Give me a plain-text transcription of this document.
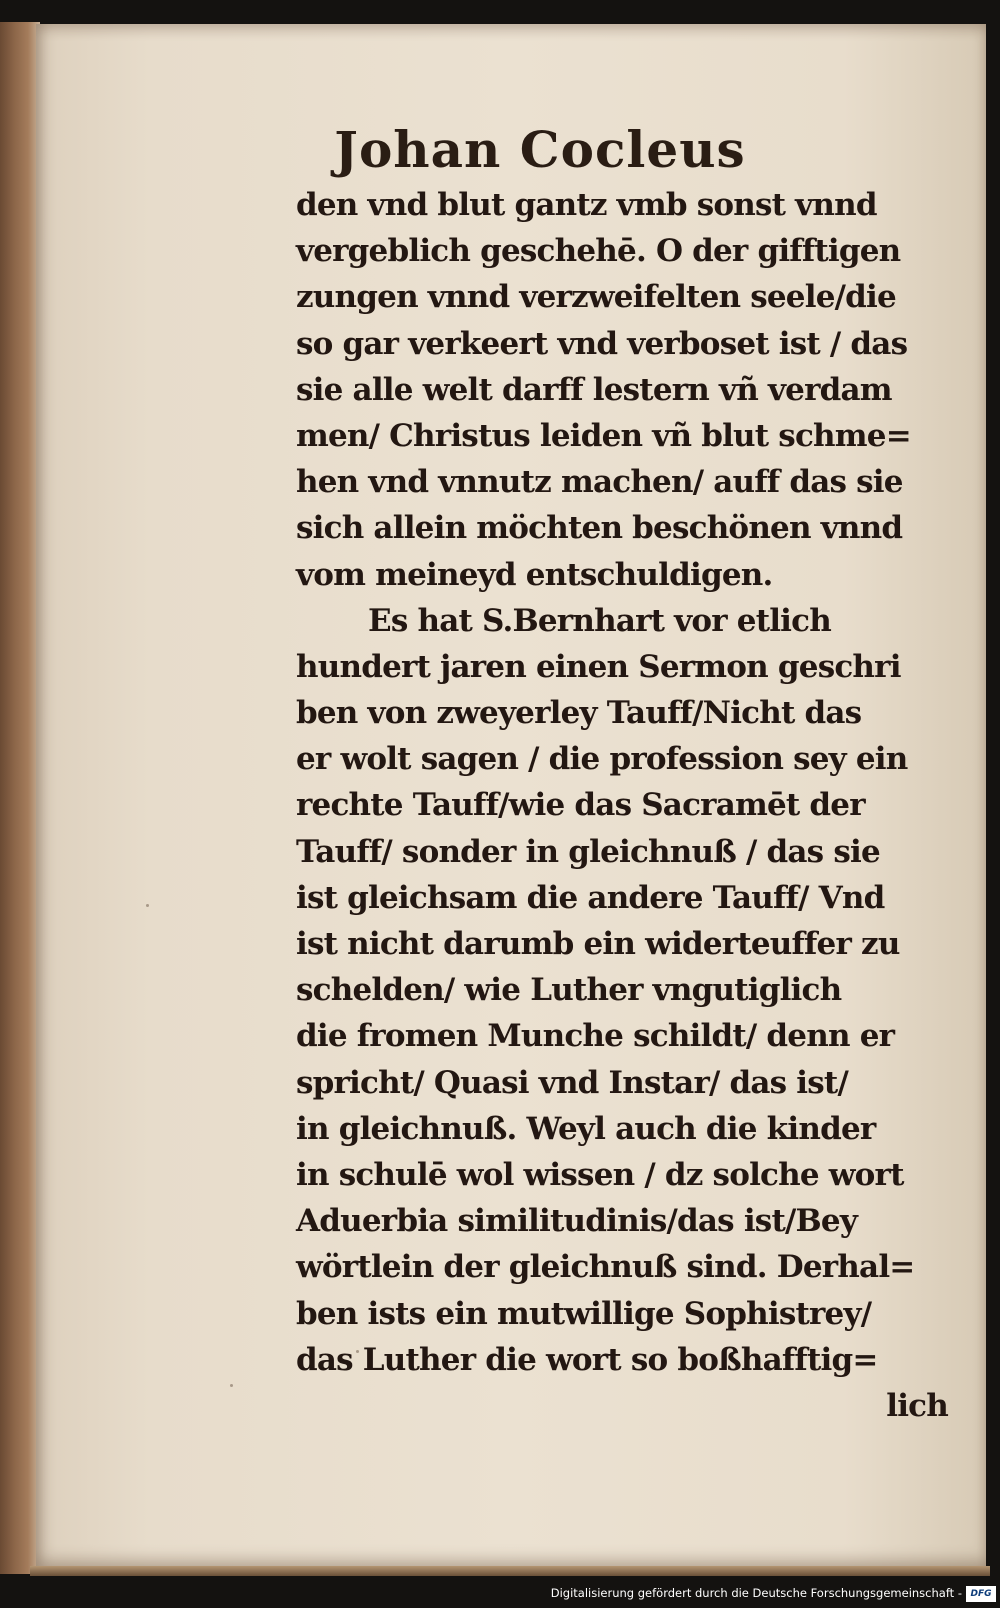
Johan Cocleus
den vnd blut gantz vmb sonst vnnd
vergeblich geschehē. O der gifftigen
zungen vnnd verzweifelten seele/die
so gar verkeert vnd verboset ist / das
sie alle welt darff lestern vñ verdam
men/ Christus leiden vñ blut schme=
hen vnd vnnutz machen/ auff das sie
sich allein möchten beschönen vnnd
vom meineyd entschuldigen.
Es hat S.Bernhart vor etlich
hundert jaren einen Sermon geschri
ben von zweyerley Tauff/Nicht das
er wolt sagen / die profession sey ein
rechte Tauff/wie das Sacramēt der
Tauff/ sonder in gleichnuß / das sie
ist gleichsam die andere Tauff/ Vnd
ist nicht darumb ein widerteuffer zu
schelden/ wie Luther vngutiglich
die fromen Munche schildt/ denn er
spricht/ Quasi vnd Instar/ das ist/
in gleichnuß. Weyl auch die kinder
in schulē wol wissen / dz solche wort
Aduerbia similitudinis/das ist/Bey
wörtlein der gleichnuß sind. Derhal=
ben ists ein mutwillige Sophistrey/
das Luther die wort so boßhafftig=
lich
Digitalisierung gefördert durch die Deutsche Forschungsgemeinschaft - DFG
